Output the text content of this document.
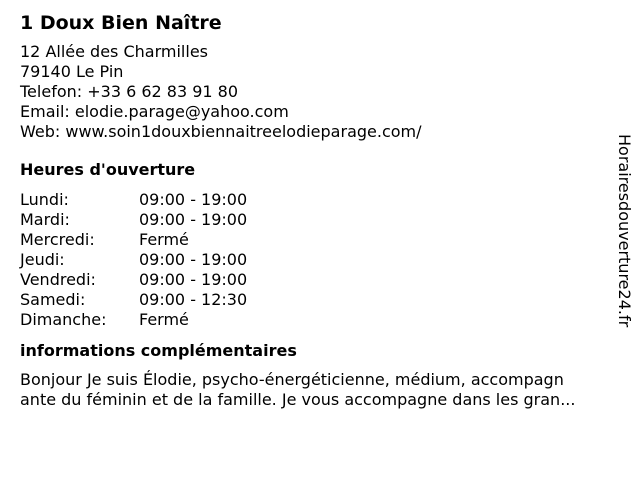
1 Doux Bien Naître
12 Allée des Charmilles
79140 Le Pin
Telefon: +33 6 62 83 91 80
Email: elodie.parage@yahoo.com
Web: www.soin1douxbiennaitreelodieparage.com/
Heures d'ouverture
Lundi:	09:00 - 19:00
Mardi:	09:00 - 19:00
Mercredi:	Fermé
Jeudi:	09:00 - 19:00
Vendredi:	09:00 - 19:00
Samedi:	09:00 - 12:30
Dimanche:	Fermé
informations complémentaires
Bonjour Je suis Élodie, psycho-énergéticienne, médium, accompagn
ante du féminin et de la famille. Je vous accompagne dans les gran...
Horairesdouverture24.fr
